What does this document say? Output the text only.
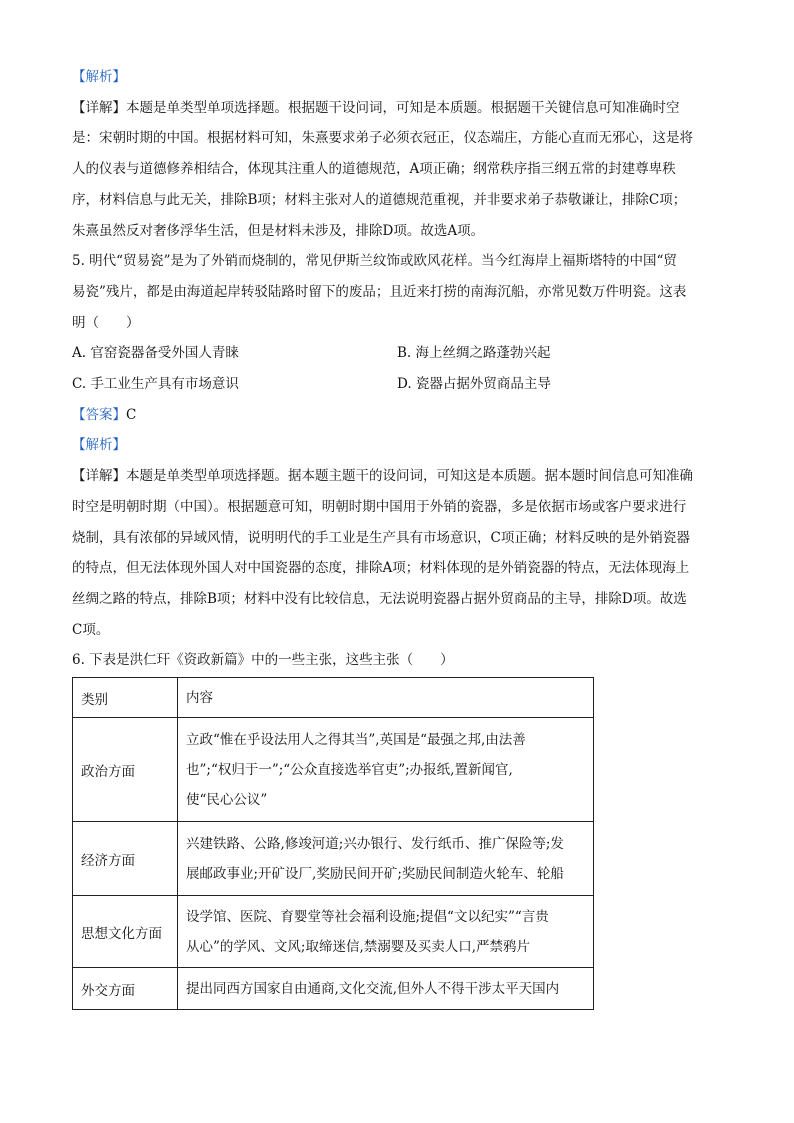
【解析】
【详解】本题是单类型单项选择题。根据题干设问词，可知是本质题。根据题干关键信息可知准确时空
是：宋朝时期的中国。根据材料可知，朱熹要求弟子必须衣冠正，仪态端庄，方能心直而无邪心，这是将
人的仪表与道德修养相结合，体现其注重人的道德规范，A项正确；纲常秩序指三纲五常的封建尊卑秩
序，材料信息与此无关，排除B项；材料主张对人的道德规范重视，并非要求弟子恭敬谦让，排除C项；
朱熹虽然反对奢侈浮华生活，但是材料未涉及，排除D项。故选A项。
5. 明代“贸易瓷”是为了外销而烧制的，常见伊斯兰纹饰或欧风花样。当今红海岸上福斯塔特的中国“贸
易瓷”残片，都是由海道起岸转驳陆路时留下的废品；且近来打捞的南海沉船，亦常见数万件明瓷。这表
明（　　）
A. 官窑瓷器备受外国人青睐	B. 海上丝绸之路蓬勃兴起
C. 手工业生产具有市场意识	D. 瓷器占据外贸商品主导
【答案】C
【解析】
【详解】本题是单类型单项选择题。据本题主题干的设问词，可知这是本质题。据本题时间信息可知准确
时空是明朝时期（中国）。根据题意可知，明朝时期中国用于外销的瓷器，多是依据市场或客户要求进行
烧制，具有浓郁的异域风情，说明明代的手工业是生产具有市场意识，C项正确；材料反映的是外销瓷器
的特点，但无法体现外国人对中国瓷器的态度，排除A项；材料体现的是外销瓷器的特点，无法体现海上
丝绸之路的特点，排除B项；材料中没有比较信息，无法说明瓷器占据外贸商品的主导，排除D项。故选
C项。
6. 下表是洪仁玕《资政新篇》中的一些主张，这些主张（　　）
类别	内容
政治方面	立政“惟在乎设法用人之得其当”,英国是“最强之邦,由法善
也”;“权归于一”;“公众直接选举官吏”;办报纸,置新闻官,
使“民心公议”

经济方面	兴建铁路、公路,修竣河道;兴办银行、发行纸币、推广保险等;发
展邮政事业;开矿设厂,奖励民间开矿;奖励民间制造火轮车、轮船

思想文化方面	设学馆、医院、育婴堂等社会福利设施;提倡“文以纪实”“言贵
从心”的学风、文风;取缔迷信,禁溺婴及买卖人口,严禁鸦片

外交方面	提出同西方国家自由通商,文化交流,但外人不得干涉太平天国内
